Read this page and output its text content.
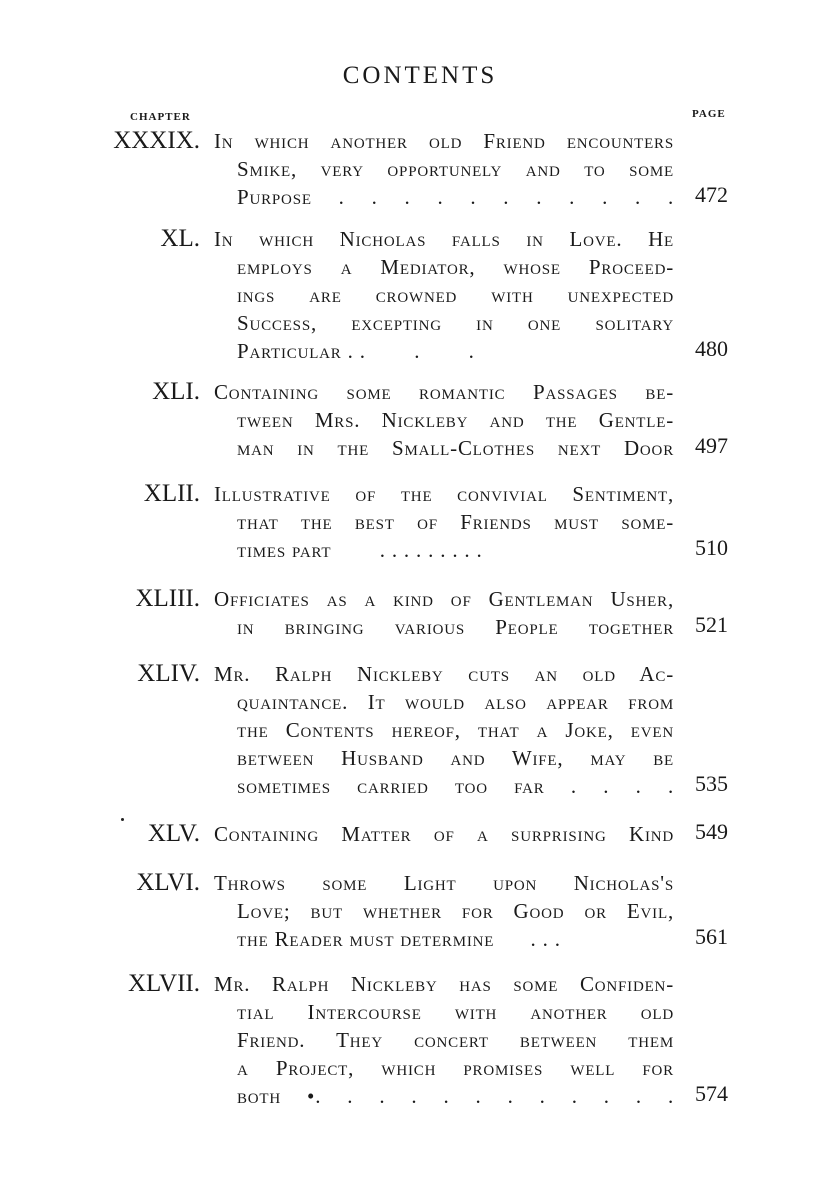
CONTENTS
CHAPTER	PAGE
XXXIX. In which another old Friend encounters
Smike, very opportunely and to some
Purpose . . . . . . . . . . . 472
XL. In which Nicholas falls in Love. He
employs a Mediator, whose Proceed-
ings are crowned with unexpected
Success, excepting in one solitary
Particular . .        .        .	480
XLI. Containing some romantic Passages be-
tween Mrs. Nickleby and the Gentle-
man in the Small-Clothes next Door 497
XLII. Illustrative of the convivial Sentiment,
that the best of Friends must some-
times part        . . . . . . . . .	510
XLIII. Officiates as a kind of Gentleman Usher,
in bringing various People together 521
XLIV. Mr. Ralph Nickleby cuts an old Ac-
quaintance. It would also appear from
the Contents hereof, that a Joke, even
between Husband and Wife, may be
sometimes carried too far . . . . 535
XLV. Containing Matter of a surprising Kind 549
XLVI. Throws some Light upon Nicholas's
Love; but whether for Good or Evil,
the Reader must determine      . . .	561
XLVII. Mr. Ralph Nickleby has some Confiden-
tial Intercourse with another old
Friend. They concert between them
a Project, which promises well for
both •. . . . . . . . . . . . 574
